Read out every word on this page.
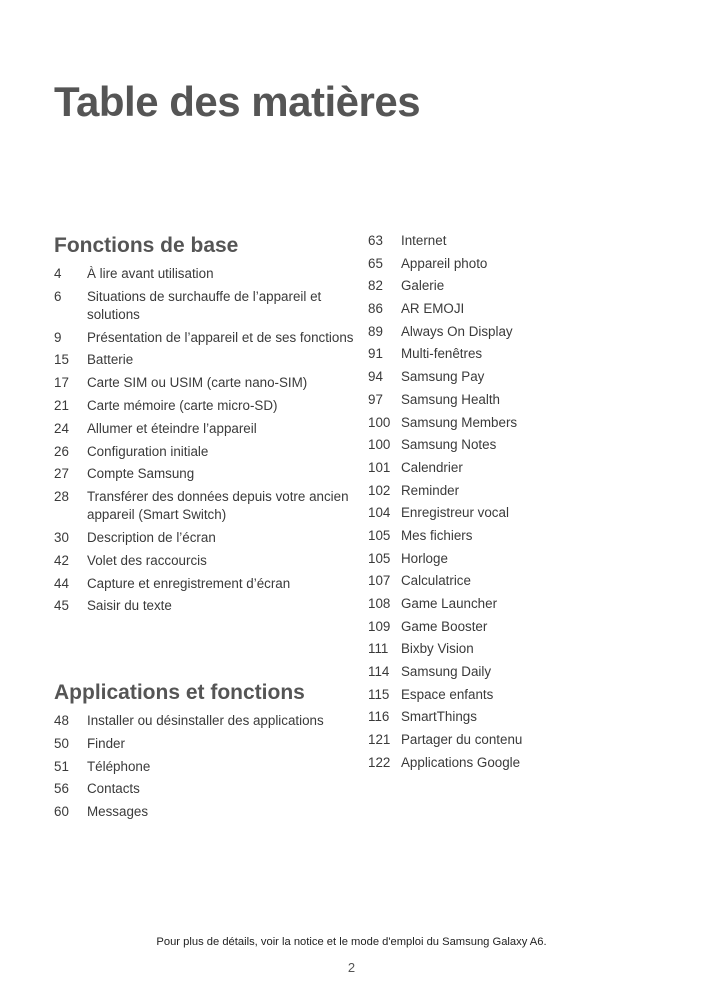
Table des matières
Fonctions de base
4	À lire avant utilisation
6	Situations de surchauffe de l’appareil et solutions
9	Présentation de l’appareil et de ses fonctions
15	Batterie
17	Carte SIM ou USIM (carte nano-SIM)
21	Carte mémoire (carte micro-SD)
24	Allumer et éteindre l’appareil
26	Configuration initiale
27	Compte Samsung
28	Transférer des données depuis votre ancien appareil (Smart Switch)
30	Description de l’écran
42	Volet des raccourcis
44	Capture et enregistrement d’écran
45	Saisir du texte
Applications et fonctions
48	Installer ou désinstaller des applications
50	Finder
51	Téléphone
56	Contacts
60	Messages
63	Internet
65	Appareil photo
82	Galerie
86	AR EMOJI
89	Always On Display
91	Multi-fenêtres
94	Samsung Pay
97	Samsung Health
100 Samsung Members
100 Samsung Notes
101 Calendrier
102 Reminder
104 Enregistreur vocal
105 Mes fichiers
105 Horloge
107 Calculatrice
108 Game Launcher
109 Game Booster
111 Bixby Vision
114 Samsung Daily
115 Espace enfants
116 SmartThings
121 Partager du contenu
122 Applications Google

Pour plus de détails, voir la notice et le mode d'emploi du Samsung Galaxy A6.

2
